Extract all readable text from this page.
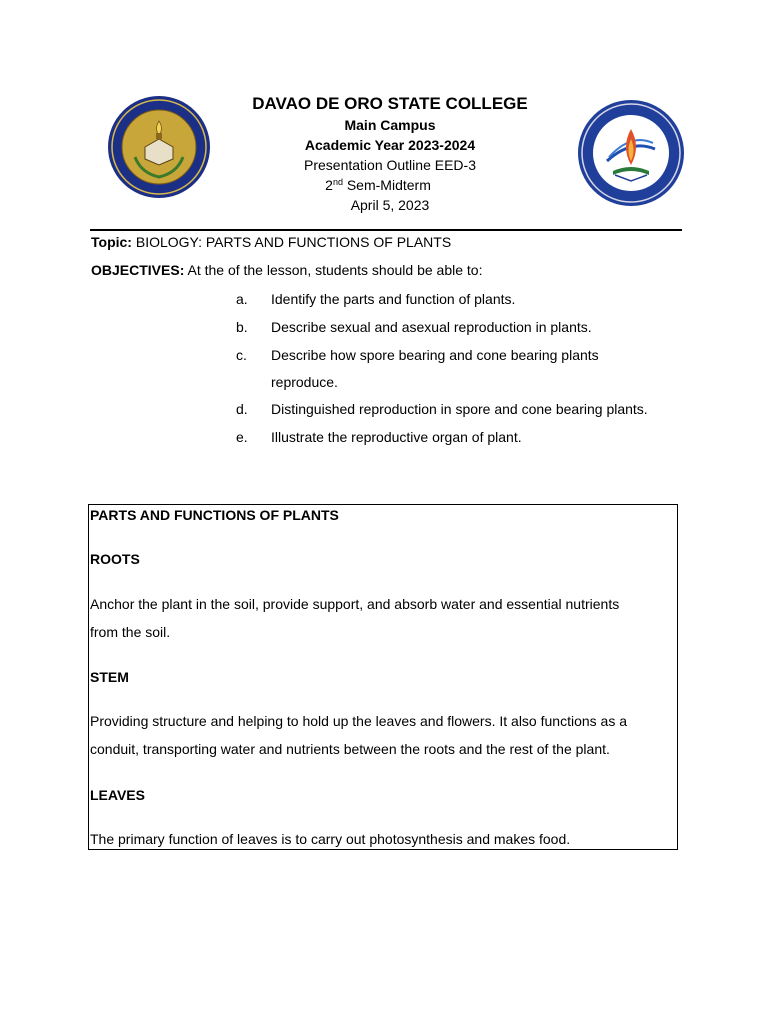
DAVAO DE ORO STATE COLLEGE
Main Campus
Academic Year 2023-2024
Presentation Outline EED-3
2nd Sem-Midterm
April 5, 2023
Topic: BIOLOGY: PARTS AND FUNCTIONS OF PLANTS
OBJECTIVES: At the of the lesson, students should be able to:
a.	Identify the parts and function of plants.
b.	Describe sexual and asexual reproduction in plants.
c.	Describe how spore bearing and cone bearing plants reproduce.
d.	Distinguished reproduction in spore and cone bearing plants.
e.	Illustrate the reproductive organ of plant.
PARTS AND FUNCTIONS OF PLANTS
ROOTS
Anchor the plant in the soil, provide support, and absorb water and essential nutrients
from the soil.
STEM
Providing structure and helping to hold up the leaves and flowers. It also functions as a
conduit, transporting water and nutrients between the roots and the rest of the plant.
LEAVES
The primary function of leaves is to carry out photosynthesis and makes food.
